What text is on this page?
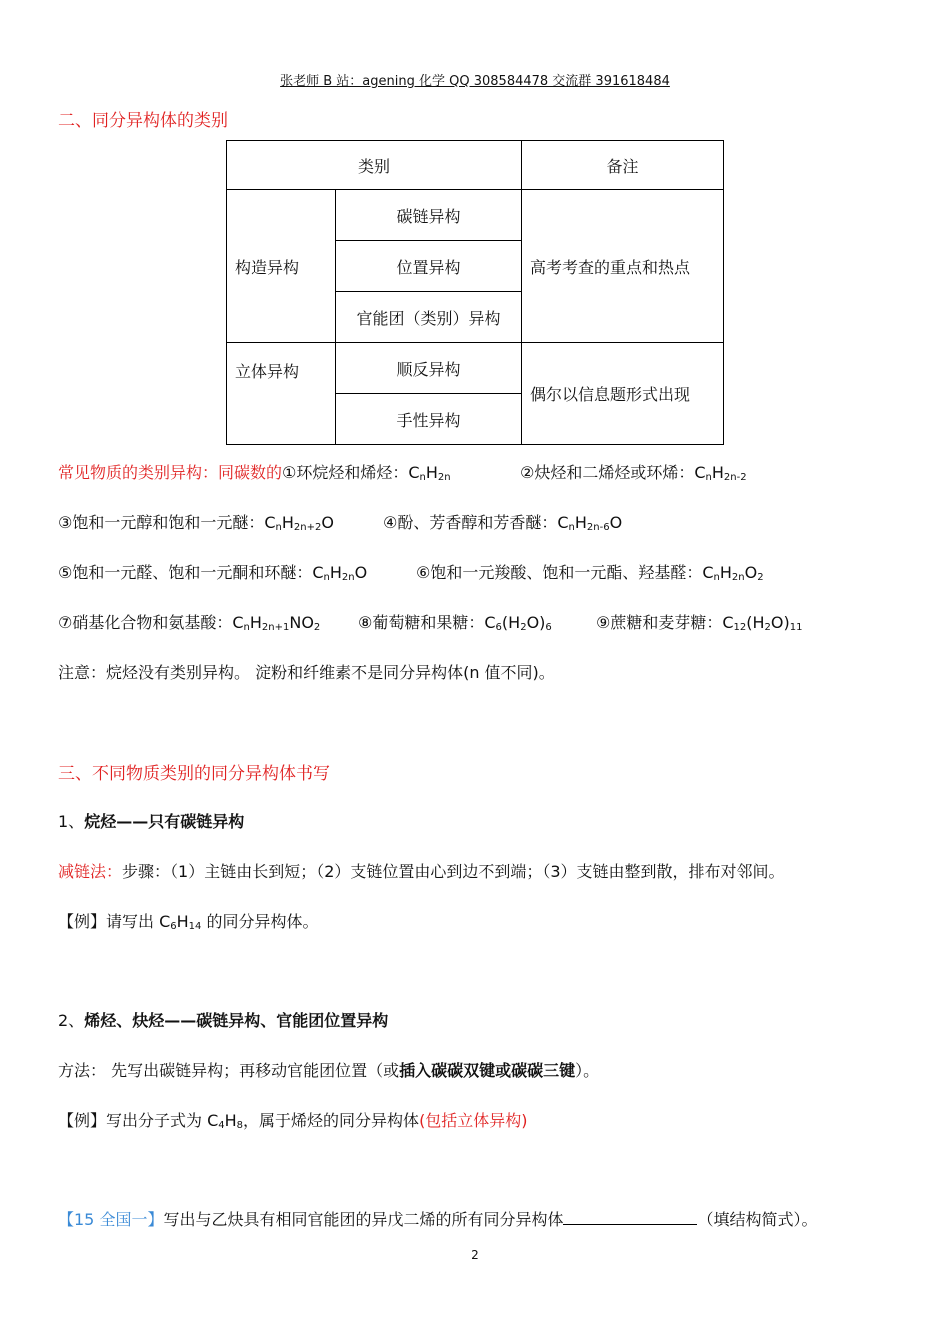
张老师 B 站：agening 化学 QQ 308584478 交流群 391618484
二、同分异构体的类别
类别		备注
构造异构	碳链异构	高考考查的重点和热点
	位置异构	
	官能团（类别）异构	
立体异构	顺反异构	偶尔以信息题形式出现
	手性异构	
常见物质的类别异构：同碳数的①环烷烃和烯烃：$C_nH_{2n}$	②炔烃和二烯烃或环烯：$C_nH_{2n-2}$
③饱和一元醇和饱和一元醚：$C_nH_{2n+2}O$	④酚、芳香醇和芳香醚：$C_nH_{2n-6}O$
⑤饱和一元醛、饱和一元酮和环醚：$C_nH_{2n}O$	⑥饱和一元羧酸、饱和一元酯、羟基醛：$C_nH_{2n}O_2$
⑦硝基化合物和氨基酸：$C_nH_{2n+1}NO_2$ ⑧葡萄糖和果糖：$C_6(H_2O)_6$	⑨蔗糖和麦芽糖：$C_{12}(H_2O)_{11}$
注意：烷烃没有类别异构。 淀粉和纤维素不是同分异构体(n 值不同)。
三、不同物质类别的同分异构体书写
1、烷烃——只有碳链异构
减链法：步骤：（1）主链由长到短；（2）支链位置由心到边不到端；（3）支链由整到散，排布对邻间。
【例】请写出 $C_6H_{14}$ 的同分异构体。
2、烯烃、炔烃——碳链异构、官能团位置异构
方法： 先写出碳链异构；再移动官能团位置（或插入碳碳双键或碳碳三键）。
【例】写出分子式为 $C_4H_8$，属于烯烃的同分异构体(包括立体异构)
【15 全国一】写出与乙炔具有相同官能团的异戊二烯的所有同分异构体	（填结构简式）。
2
